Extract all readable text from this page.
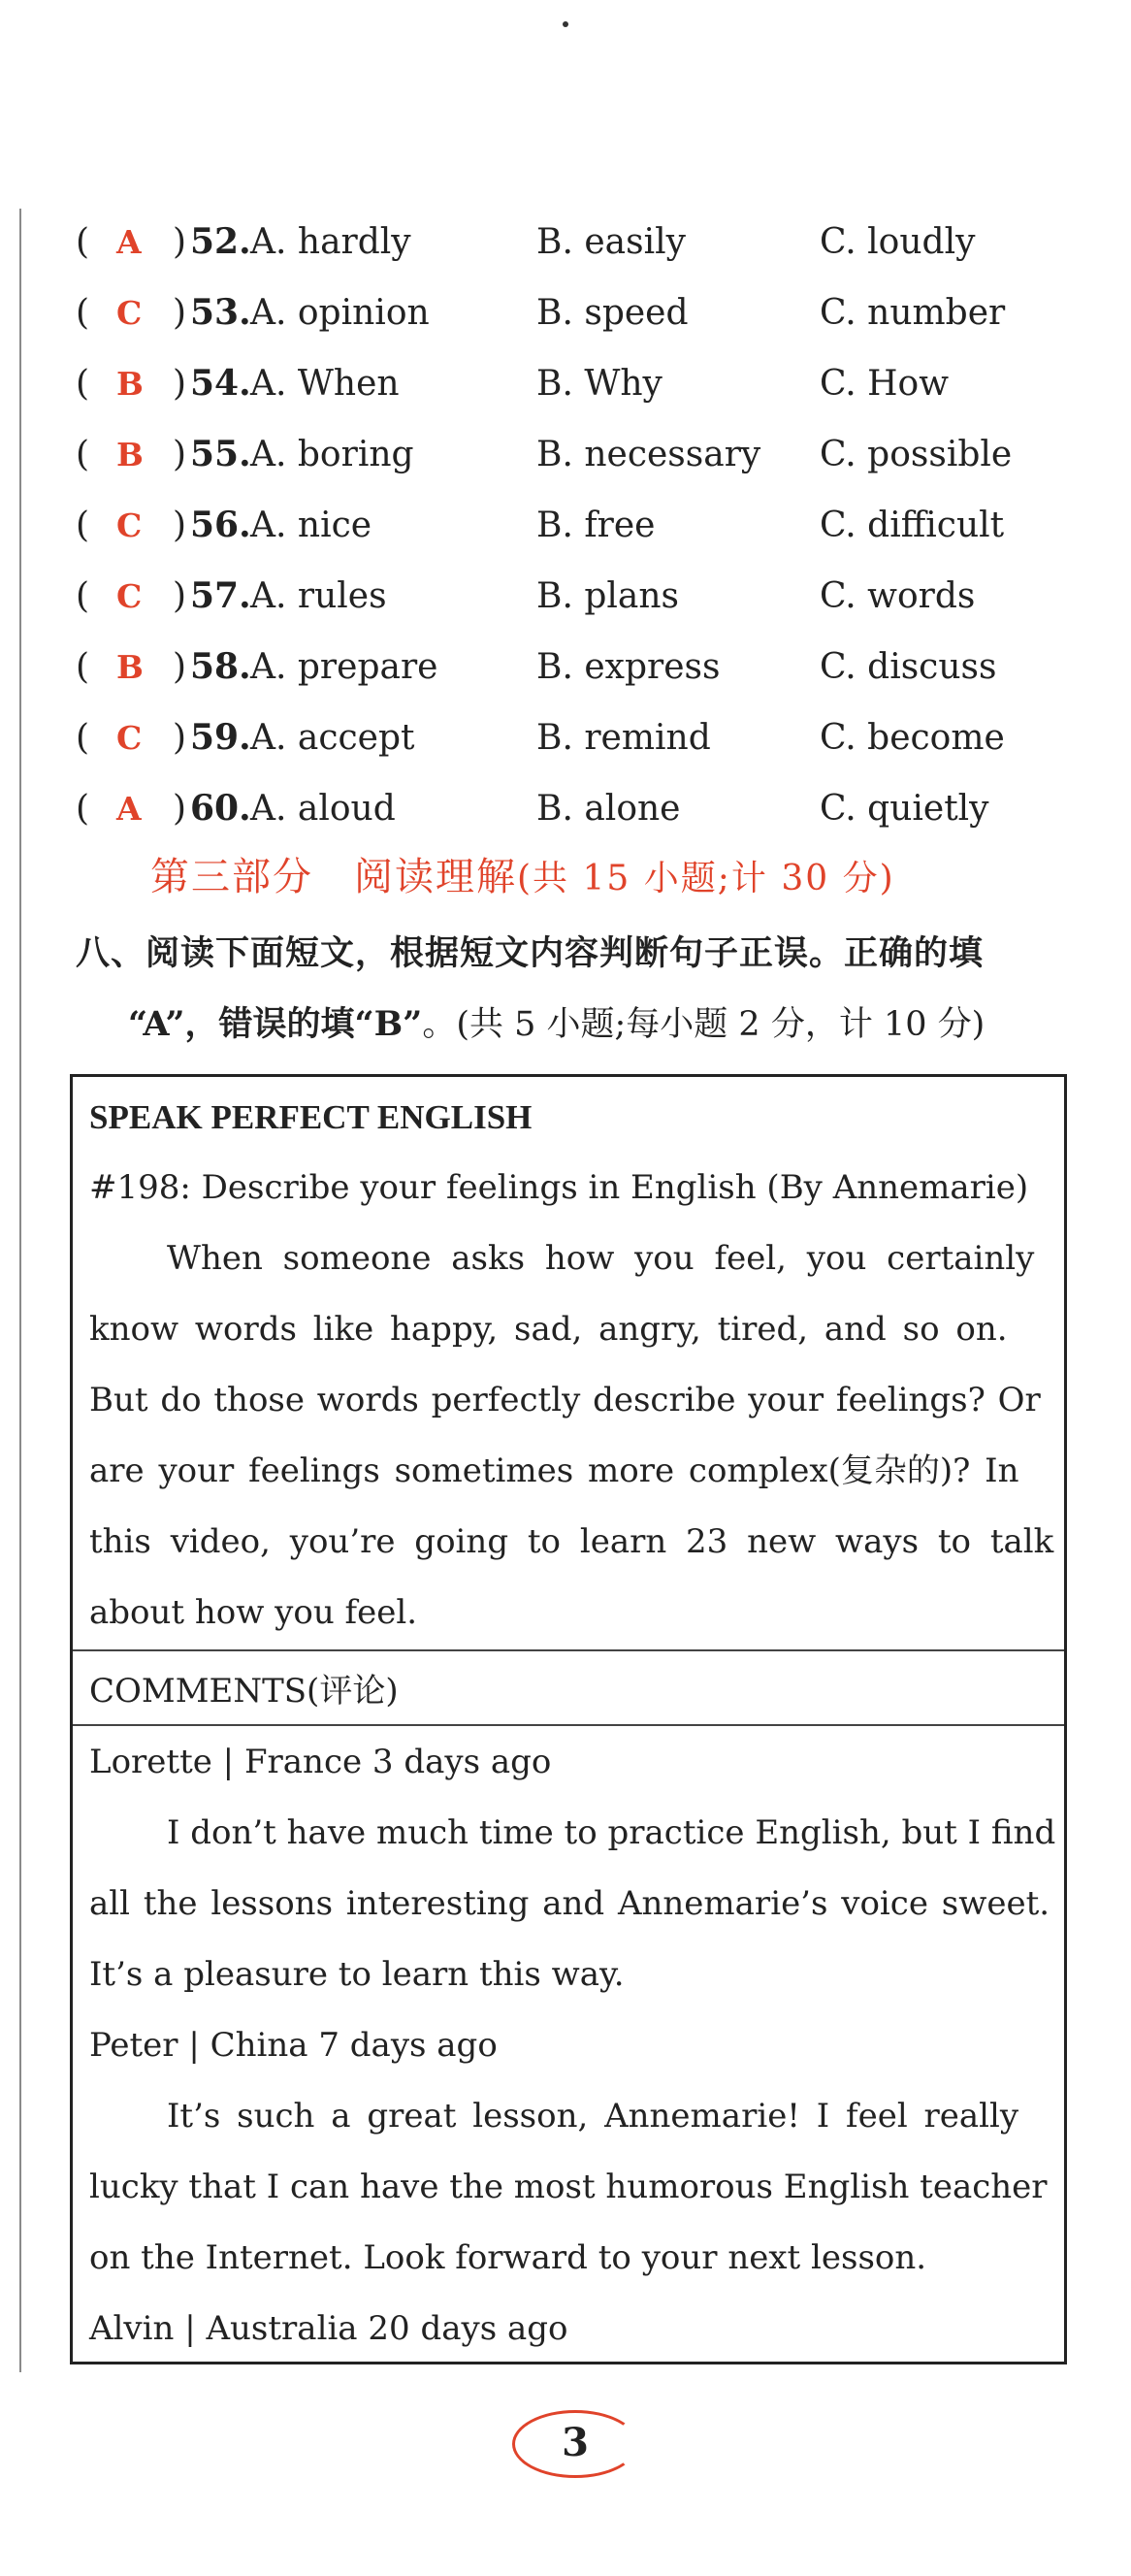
( A ) 52. A. hardly	B. easily	C. loudly
( C ) 53. A. opinion	B. speed	C. number
( B ) 54. A. When	B. Why	C. How
( B ) 55. A. boring	B. necessary C. possible
( C ) 56. A. nice	B. free	C. difficult
( C ) 57. A. rules	B. plans	C. words
( B ) 58. A. prepare	B. express	C. discuss
( C ) 59. A. accept	B. remind	C. become
( A ) 60. A. aloud	B. alone	C. quietly
第三部分　阅读理解(共 15 小题;计 30 分)
八、阅读下面短文，根据短文内容判断句子正误。正确的填
“A”，错误的填“B”。(共 5 小题;每小题 2 分，计 10 分)
SPEAK PERFECT ENGLISH
#198: Describe your feelings in English (By Annemarie)
When someone asks how you feel, you certainly
know words like happy, sad, angry, tired, and so on.
But do those words perfectly describe your feelings? Or
are your feelings sometimes more complex(复杂的)? In
this video, you’re going to learn 23 new ways to talk
about how you feel.
COMMENTS(评论)
Lorette | France 3 days ago
I don’t have much time to practice English, but I find
all the lessons interesting and Annemarie’s voice sweet.
It’s a pleasure to learn this way.
Peter | China 7 days ago
It’s such a great lesson, Annemarie! I feel really
lucky that I can have the most humorous English teacher
on the Internet. Look forward to your next lesson.
Alvin | Australia 20 days ago
3
